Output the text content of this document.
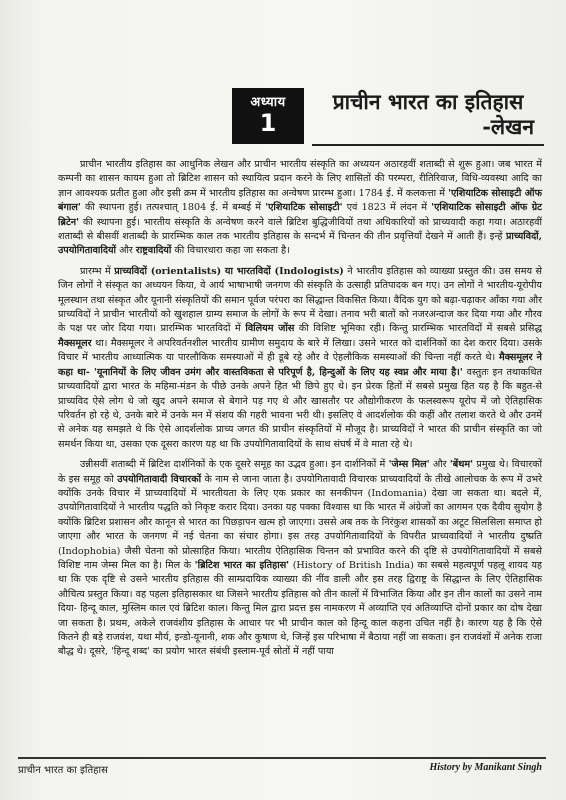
अध्याय
1
प्राचीन भारत का इतिहास
-लेखन

प्राचीन भारतीय इतिहास का आधुनिक लेखन और प्राचीन भारतीय संस्कृति का अध्ययन अठारहवीं शताब्दी से शुरू हुआ। जब भारत में कम्पनी का शासन कायम हुआ तो ब्रिटिश शासन को स्थायित्व प्रदान करने के लिए शासितों की परम्परा, रीतिरिवाज, विधि-व्यवस्था आदि का ज्ञान आवश्यक प्रतीत हुआ और इसी क्रम में भारतीय इतिहास का अन्वेषण प्रारम्भ हुआ। 1784 ई. में कलकत्ता में 'एशियाटिक सोसाइटी ऑफ बंगाल' की स्थापना हुई। तत्पश्चात् 1804 ई. में बम्बई में 'एशियाटिक सोसाइटी' एवं 1823 में लंदन में 'एशियाटिक सोसाइटी ऑफ ग्रेट ब्रिटेन' की स्थापना हुई। भारतीय संस्कृति के अन्वेषण करने वाले ब्रिटिश बुद्धिजीवियों तथा अधिकारियों को प्राच्यवादी कहा गया। अठारहवीं शताब्दी से बीसवीं शताब्दी के प्रारम्भिक काल तक भारतीय इतिहास के सन्दर्भ में चिन्तन की तीन प्रवृत्तियाँ देखने में आती हैं। इन्हें प्राच्यविदों, उपयोगितावादियों और राष्ट्रवादियों की विचारधारा कहा जा सकता है।

प्रारम्भ में प्राच्यविदों (orientalists) या भारतविदों (Indologists) ने भारतीय इतिहास को व्याख्या प्रस्तुत की। उस समय से जिन लोगों ने संस्कृत का अध्ययन किया, वे आर्य भाषाभाषी जनगण की संस्कृति के उत्साही प्रतिपादक बन गए। उन लोगों ने भारतीय-यूरोपीय मूलस्थान तथा संस्कृत और यूनानी संस्कृतियों की समान पूर्वज परंपरा का सिद्धान्त विकसित किया। वैदिक युग को बढ़ा-चढ़ाकर आँका गया और प्राच्यविदों ने प्राचीन भारतीयों को खुशहाल ग्राम्य समाज के लोगों के रूप में देखा। तनाव भरी बातों को नजरअन्दाज कर दिया गया और गौरव के पक्ष पर जोर दिया गया। प्रारम्भिक भारतविदों में विलियम जोंस की विशिष्ट भूमिका रही। किन्तु प्रारम्भिक भारतविदों में सबसे प्रसिद्ध मैक्समूलर था। मैक्समूलर ने अपरिवर्तनशील भारतीय ग्रामीण समुदाय के बारे में लिखा। उसने भारत को दार्शनिकों का देश करार दिया। उसके विचार में भारतीय आध्यात्मिक या पारलौकिक समस्याओं में ही डूबे रहे और वे ऐहलौकिक समस्याओं की चिन्ता नहीं करते थे। मैक्समूलर ने कहा था- 'यूनानियों के लिए जीवन उमंग और वास्तविकता से परिपूर्ण है, हिन्दुओं के लिए यह स्वप्न और माया है।' वस्तुतः इन तथाकथित प्राच्यवादियों द्वारा भारत के महिमा-मंडन के पीछे उनके अपने हित भी छिपे हुए थे। इन प्रेरक हितों में सबसे प्रमुख हित यह है कि बहुत-से प्राच्यविद ऐसे लोग थे जो खुद अपने समाज से बेगाने पड़ गए थे और खासतौर पर औद्योगीकरण के फलस्वरूप यूरोप में जो ऐतिहासिक परिवर्तन हो रहे थे, उनके बारे में उनके मन में संशय की गहरी भावना भरी थी। इसलिए वे आदर्शलोक की कहीं और तलाश करते थे और उनमें से अनेक यह समझते थे कि ऐसे आदर्शलोक प्राच्य जगत की प्राचीन संस्कृतियों में मौजूद है। प्राच्यविदों ने भारत की प्राचीन संस्कृति का जो समर्थन किया था, उसका एक दूसरा कारण यह था कि उपयोगितावादियों के साथ संघर्ष में वे माता रहे थे।

उन्नीसवीं शताब्दी में ब्रिटिश दार्शनिकों के एक दूसरे समूह का उद्भव हुआ। इन दार्शनिकों में 'जेम्स मिल' और 'बेंथम' प्रमुख थे। विचारकों के इस समूह को उपयोगितावादी विचारकों के नाम से जाना जाता है। उपयोगितावादी विचारक प्राच्यवादियों के तीखे आलोचक के रूप में उभरे क्योंकि उनके विचार में प्राच्यवादियों में भारतीयता के लिए एक प्रकार का सनकीपन (Indomania) देखा जा सकता था। बदले में, उपयोगितावादियों ने भारतीय पद्धति को निकृष्ट करार दिया। उनका यह पक्का विश्वास था कि भारत में अंग्रेजों का आगमन एक दैवीय सुयोग है क्योंकि ब्रिटिश प्रशासन और कानून से भारत का पिछड़ापन खत्म हो जाएगा। उससे अब तक के निरंकुश शासकों का अटूट सिलसिला समाप्त हो जाएगा और भारत के जनगण में नई चेतना का संचार होगा। इस तरह उपयोगितावादियों के विपरीत प्राच्यवादियों ने भारतीय दुष्प्रति (Indophobia) जैसी चेतना को प्रोत्साहित किया। भारतीय ऐतिहासिक चिन्तन को प्रभावित करने की दृष्टि से उपयोगितावादियों में सबसे विशिष्ट नाम जेम्स मिल का है। मिल के 'ब्रिटिश भारत का इतिहास' (History of British India) का सबसे महत्वपूर्ण पहलू शायद यह था कि एक दृष्टि से उसने भारतीय इतिहास की साम्प्रदायिक व्याख्या की नींव डाली और इस तरह द्विराष्ट्र के सिद्धान्त के लिए ऐतिहासिक औचित्य प्रस्तुत किया। वह पहला इतिहासकार था जिसने भारतीय इतिहास को तीन कालों में विभाजित किया और इन तीन कालों का उसने नाम दिया- हिन्दू काल, मुस्लिम काल एवं ब्रिटिश काल। किन्तु मिल द्वारा प्रदत्त इस नामकरण में अव्याप्ति एवं अतिव्याप्ति दोनों प्रकार का दोष देखा जा सकता है। प्रथम, अकेले राजवंशीय इतिहास के आधार पर भी प्राचीन काल को हिन्दू काल कहना उचित नहीं है। कारण यह है कि ऐसे कितने ही बड़े राजवंश, यथा मौर्य, इन्डो-यूनानी, शक और कुषाण थे, जिन्हें इस परिभाषा में बैठाया नहीं जा सकता। इन राजवंशों में अनेक राजा बौद्ध थे। दूसरे, 'हिन्दू शब्द' का प्रयोग भारत संबंधी इस्लाम-पूर्व स्रोतों में नहीं पाया

प्राचीन भारत का इतिहास	History by Manikant Singh
